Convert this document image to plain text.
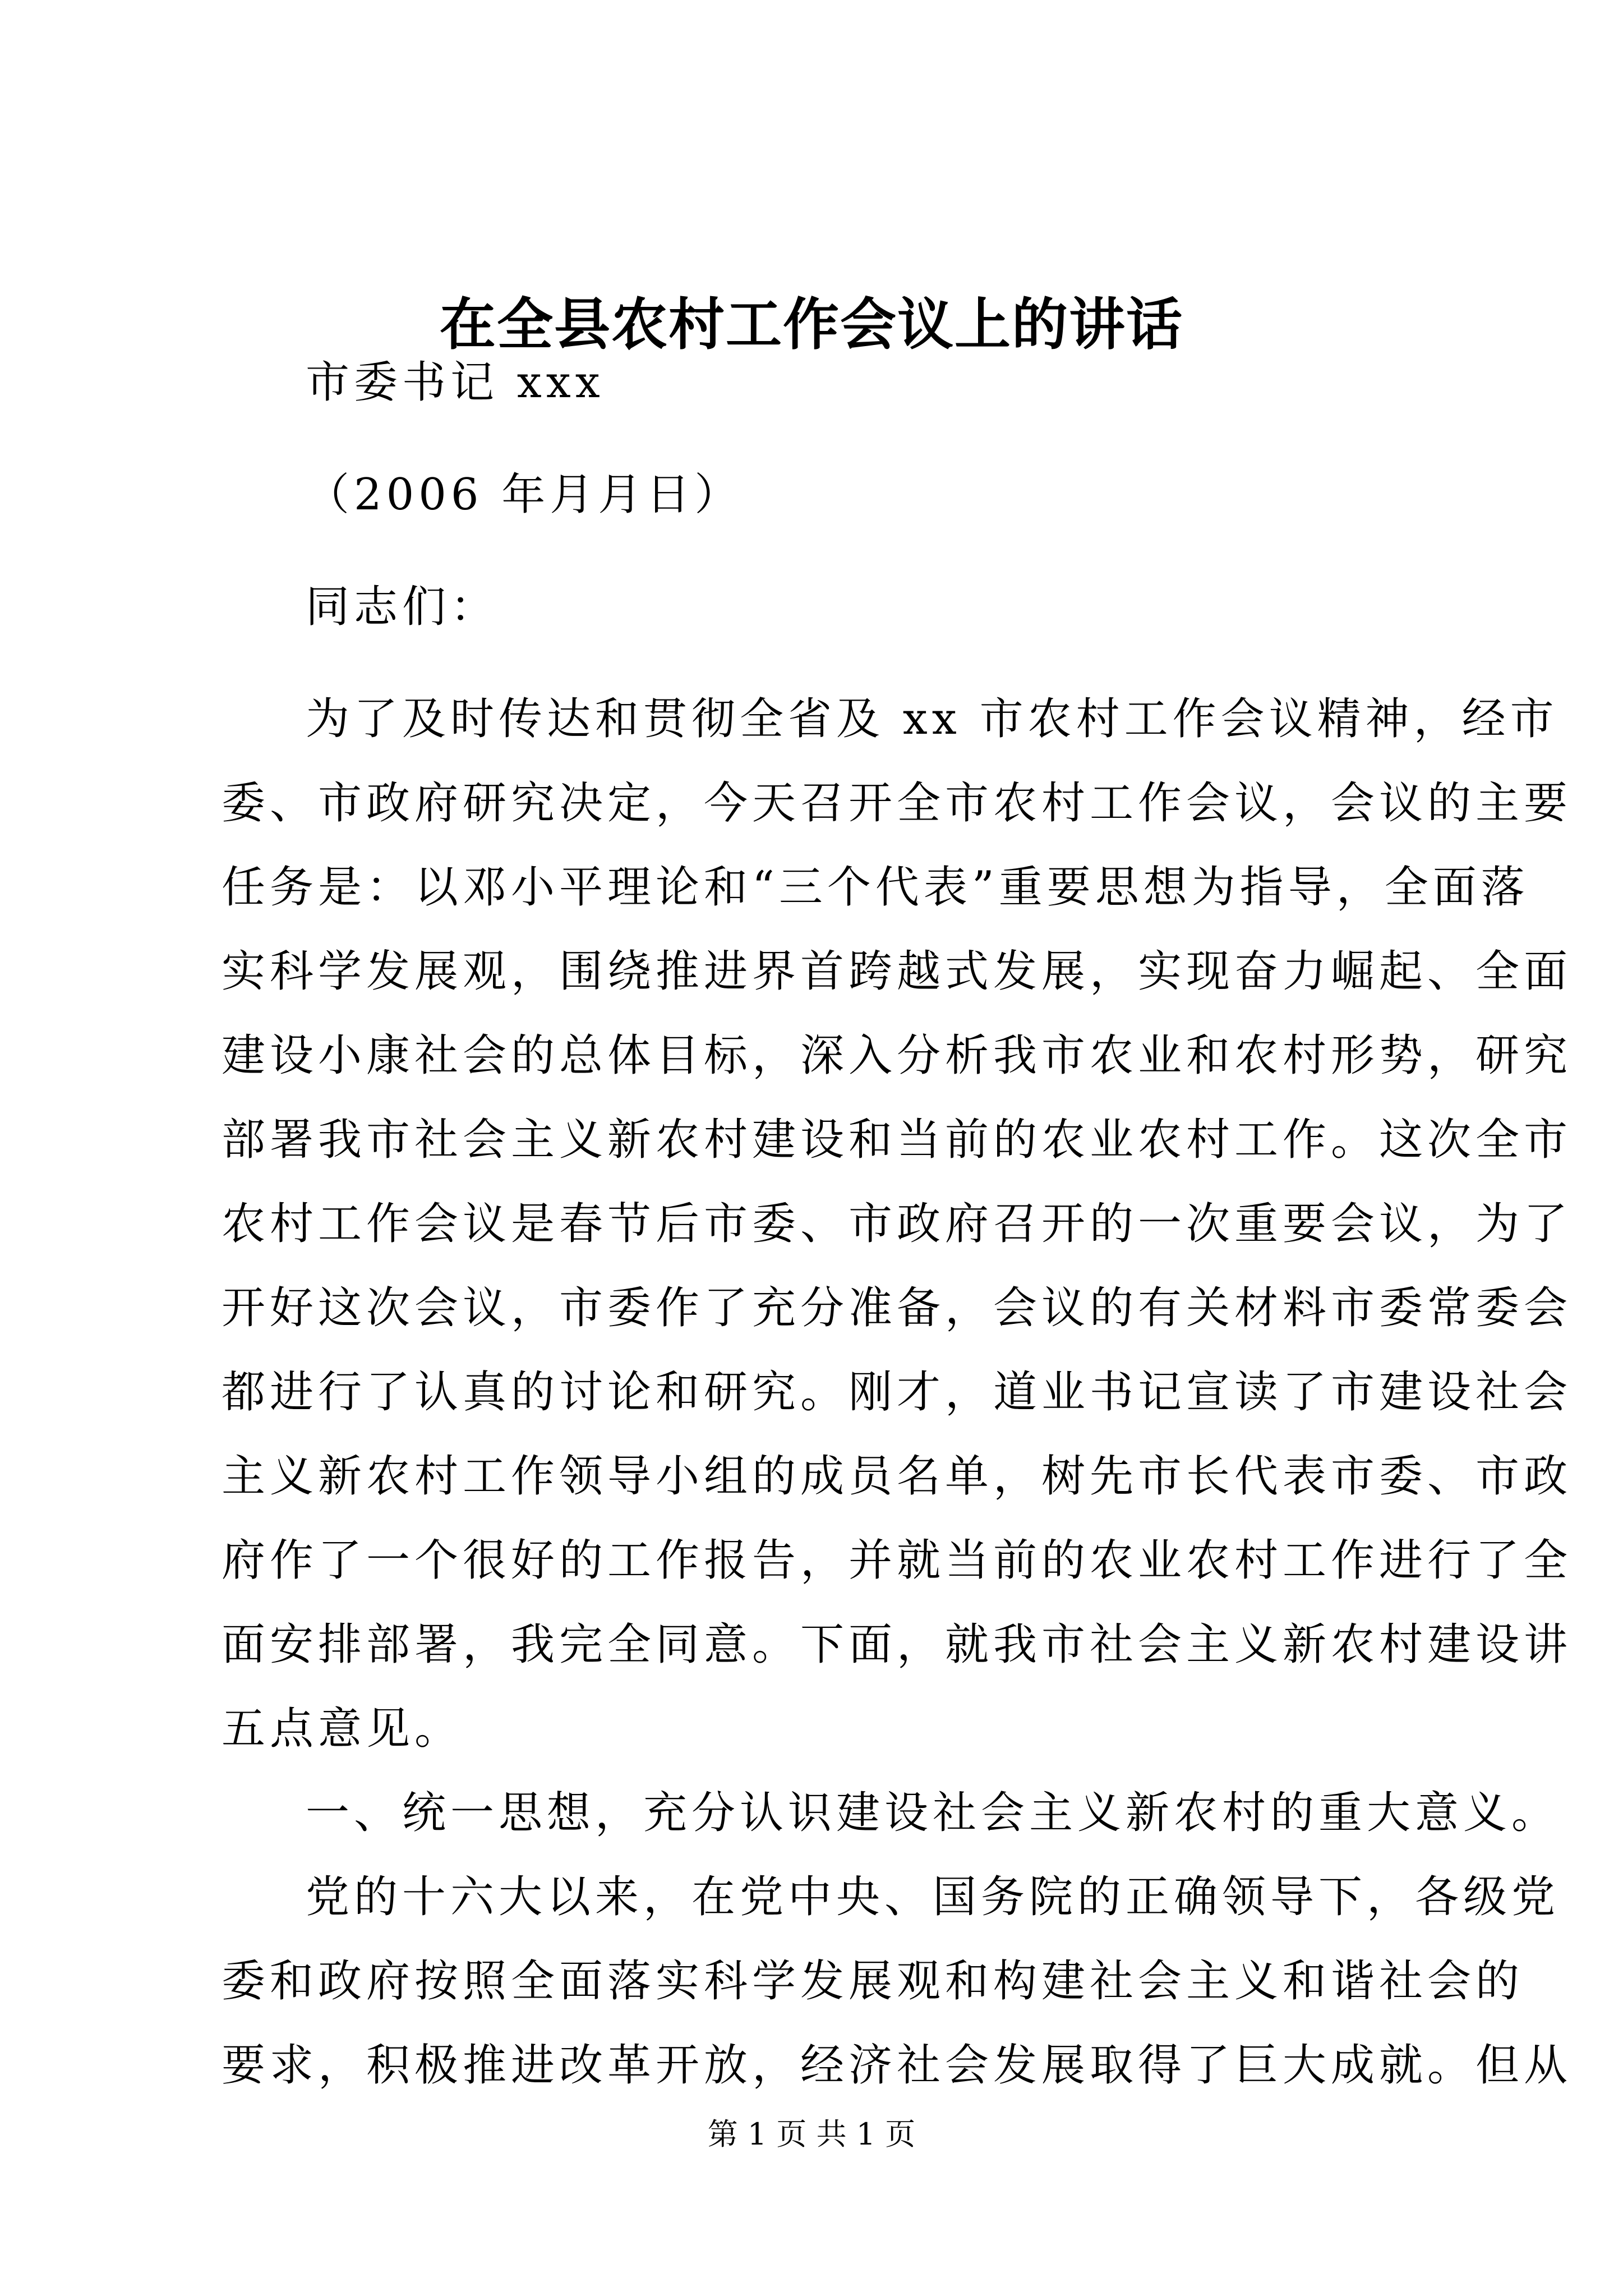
在全县农村工作会议上的讲话
市委书记 xxx
（2006 年月月日）
同志们：
为了及时传达和贯彻全省及 xx 市农村工作会议精神，经市
委、市政府研究决定，今天召开全市农村工作会议，会议的主要
任务是：以邓小平理论和“三个代表”重要思想为指导，全面落
实科学发展观，围绕推进界首跨越式发展，实现奋力崛起、全面
建设小康社会的总体目标，深入分析我市农业和农村形势，研究
部署我市社会主义新农村建设和当前的农业农村工作。这次全市
农村工作会议是春节后市委、市政府召开的一次重要会议，为了
开好这次会议，市委作了充分准备，会议的有关材料市委常委会
都进行了认真的讨论和研究。刚才，道业书记宣读了市建设社会
主义新农村工作领导小组的成员名单，树先市长代表市委、市政
府作了一个很好的工作报告，并就当前的农业农村工作进行了全
面安排部署，我完全同意。下面，就我市社会主义新农村建设讲
五点意见。
一、统一思想，充分认识建设社会主义新农村的重大意义。
党的十六大以来，在党中央、国务院的正确领导下，各级党
委和政府按照全面落实科学发展观和构建社会主义和谐社会的
要求，积极推进改革开放，经济社会发展取得了巨大成就。但从
第 1 页 共 1 页
